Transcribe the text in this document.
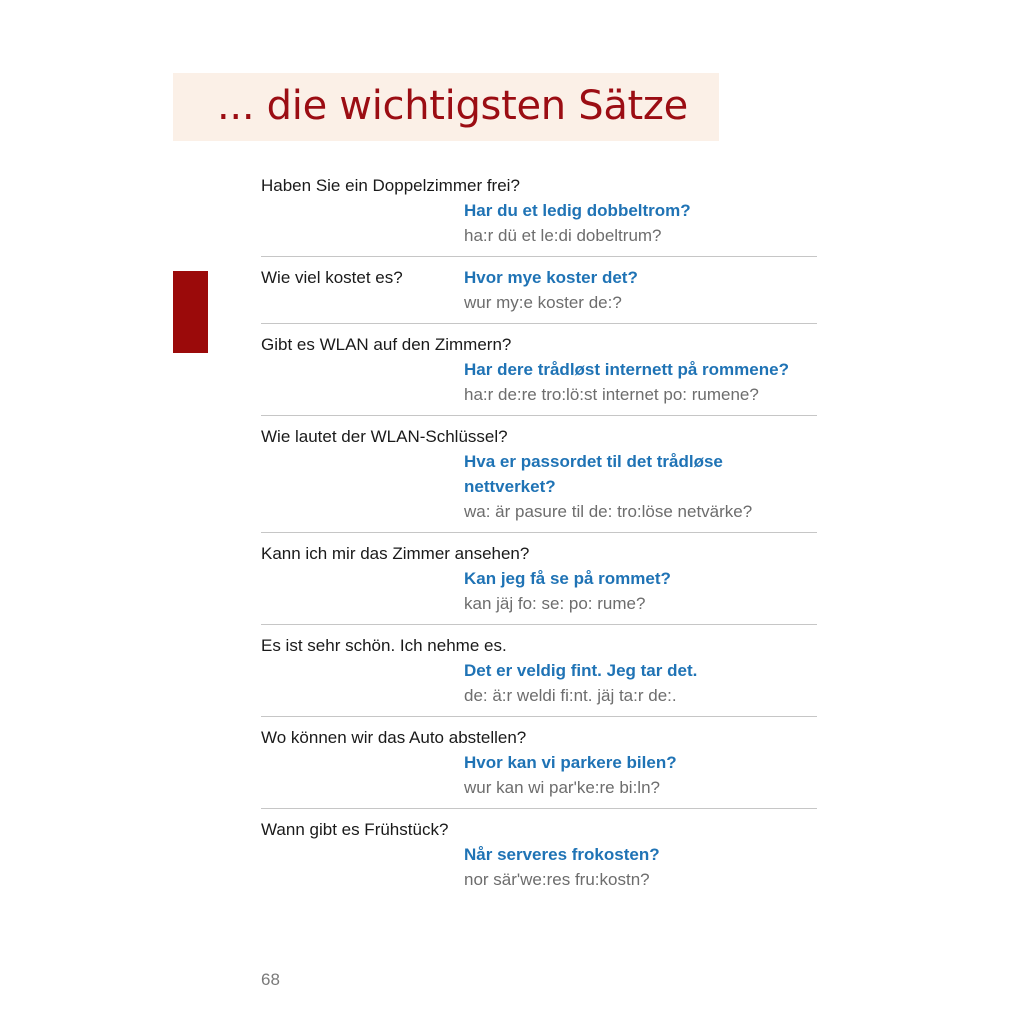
... die wichtigsten Sätze
Haben Sie ein Doppelzimmer frei?
Har du et ledig dobbeltrom?
ha:r dü et le:di dobeltrum?
Wie viel kostet es?	Hvor mye koster det?
wur my:e koster de:?
Gibt es WLAN auf den Zimmern?
Har dere trådløst internett på rommene?
ha:r de:re tro:lö:st internet po: rumene?
Wie lautet der WLAN-Schlüssel?
Hva er passordet til det trådløse nettverket?
wa: är pasure til de: tro:löse netvärke?
Kann ich mir das Zimmer ansehen?
Kan jeg få se på rommet?
kan jäj fo: se: po: rume?
Es ist sehr schön. Ich nehme es.
Det er veldig fint. Jeg tar det.
de: ä:r weldi fi:nt. jäj ta:r de:.
Wo können wir das Auto abstellen?
Hvor kan vi parkere bilen?
wur kan wi par'ke:re bi:ln?
Wann gibt es Frühstück?
Når serveres frokosten?
nor sär'we:res fru:kostn?
68
